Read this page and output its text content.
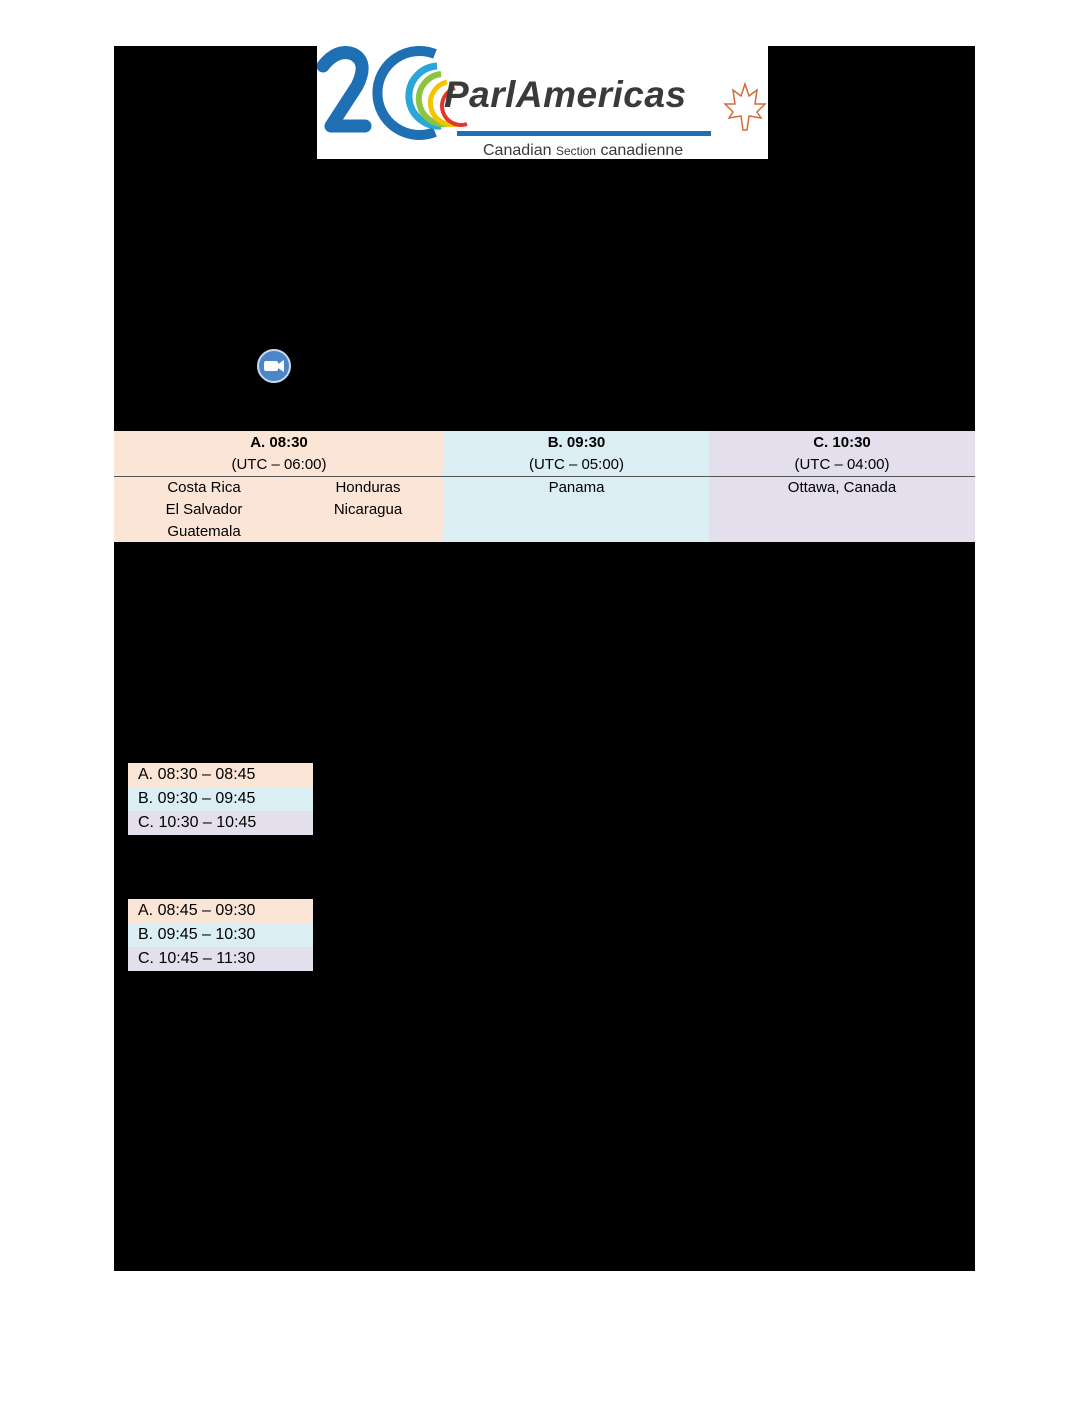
ParlAmericas
Canadian Section canadienne
A. 08:30
(UTC – 06:00)
Costa Rica
El Salvador
Guatemala
Honduras
Nicaragua
B. 09:30
(UTC – 05:00)
Panama
C. 10:30
(UTC – 04:00)
Ottawa, Canada
A. 08:30 – 08:45
B. 09:30 – 09:45
C. 10:30 – 10:45
A. 08:45 – 09:30
B. 09:45 – 10:30
C. 10:45 – 11:30
